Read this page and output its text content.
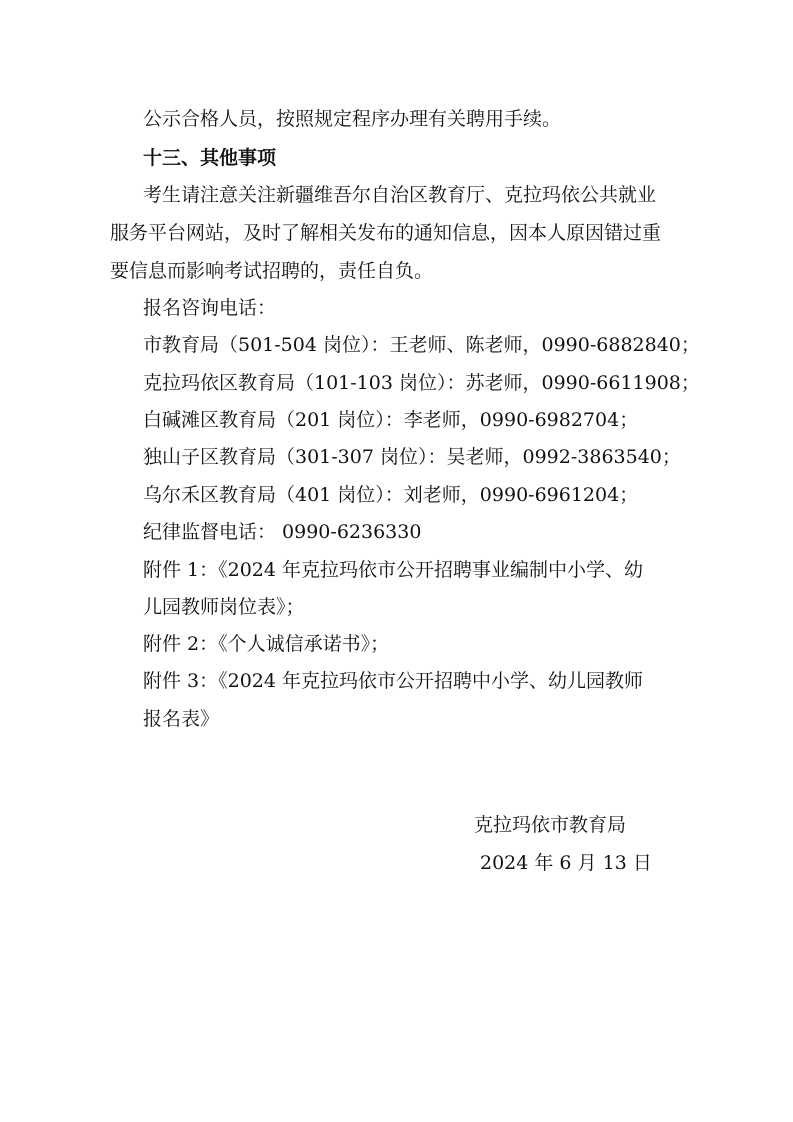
公示合格人员，按照规定程序办理有关聘用手续。
十三、其他事项
考生请注意关注新疆维吾尔自治区教育厅、克拉玛依公共就业
服务平台网站，及时了解相关发布的通知信息，因本人原因错过重
要信息而影响考试招聘的，责任自负。
报名咨询电话：
市教育局（501-504 岗位）：王老师、陈老师，0990-6882840；
克拉玛依区教育局（101-103 岗位）：苏老师，0990-6611908；
白碱滩区教育局（201 岗位）：李老师，0990-6982704；
独山子区教育局（301-307 岗位）：吴老师，0992-3863540；
乌尔禾区教育局（401 岗位）：刘老师，0990-6961204；
纪律监督电话： 0990-6236330
附件 1：《2024 年克拉玛依市公开招聘事业编制中小学、幼
儿园教师岗位表》；
附件 2：《个人诚信承诺书》；
附件 3：《2024 年克拉玛依市公开招聘中小学、幼儿园教师
报名表》
克拉玛依市教育局
2024 年 6 月 13 日
